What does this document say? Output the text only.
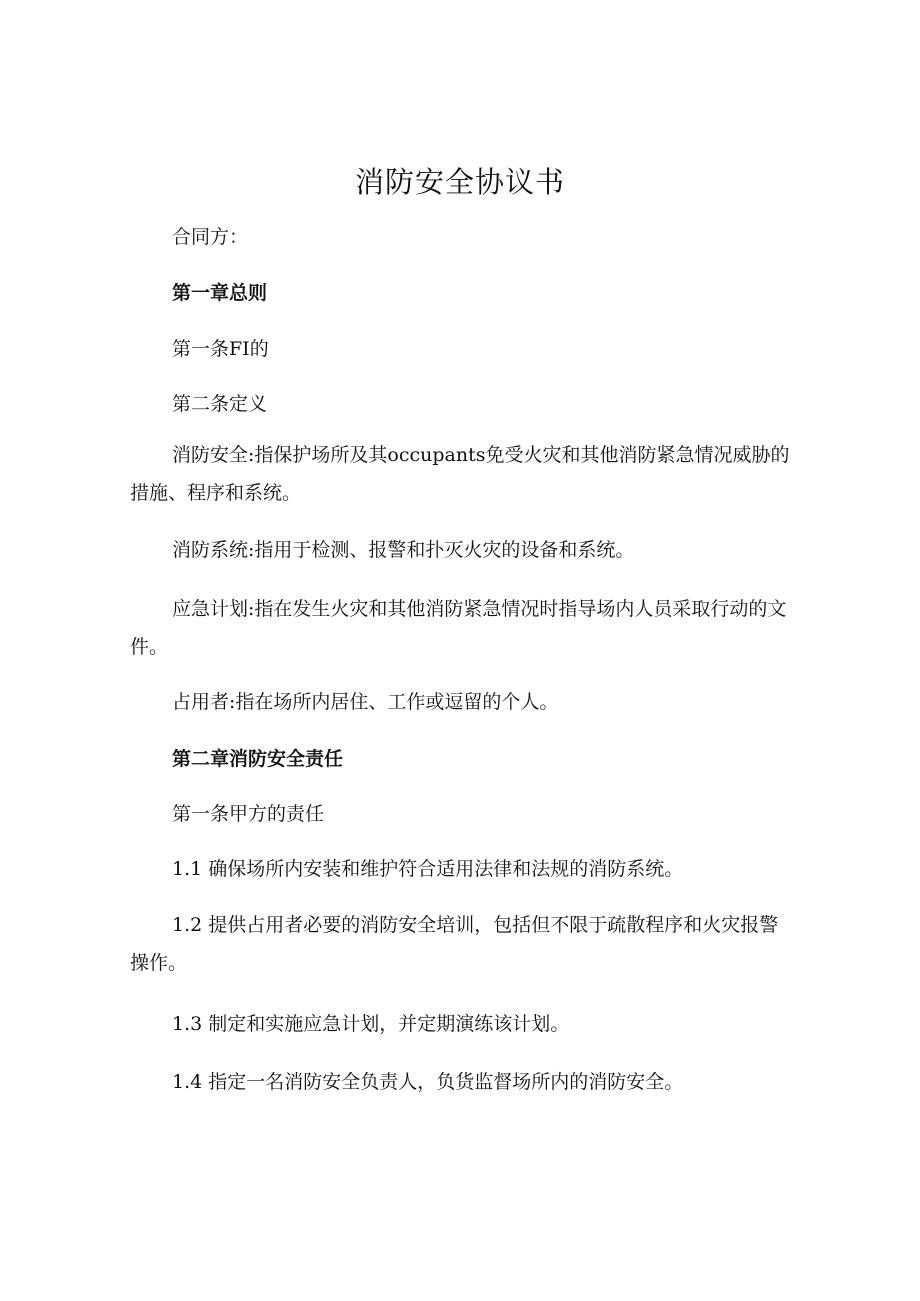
消防安全协议书

合同方：

第一章总则

第一条FI的

第二条定义

消防安全:指保护场所及其occupants免受火灾和其他消防紧急情况威胁的措施、程序和系统。

消防系统:指用于检测、报警和扑灭火灾的设备和系统。

应急计划:指在发生火灾和其他消防紧急情况时指导场内人员采取行动的文件。

占用者:指在场所内居住、工作或逗留的个人。

第二章消防安全责任

第一条甲方的责任

1.1 确保场所内安装和维护符合适用法律和法规的消防系统。

1.2 提供占用者必要的消防安全培训，包括但不限于疏散程序和火灾报警操作。

1.3 制定和实施应急计划，并定期演练该计划。

1.4 指定一名消防安全负责人，负货监督场所内的消防安全。
